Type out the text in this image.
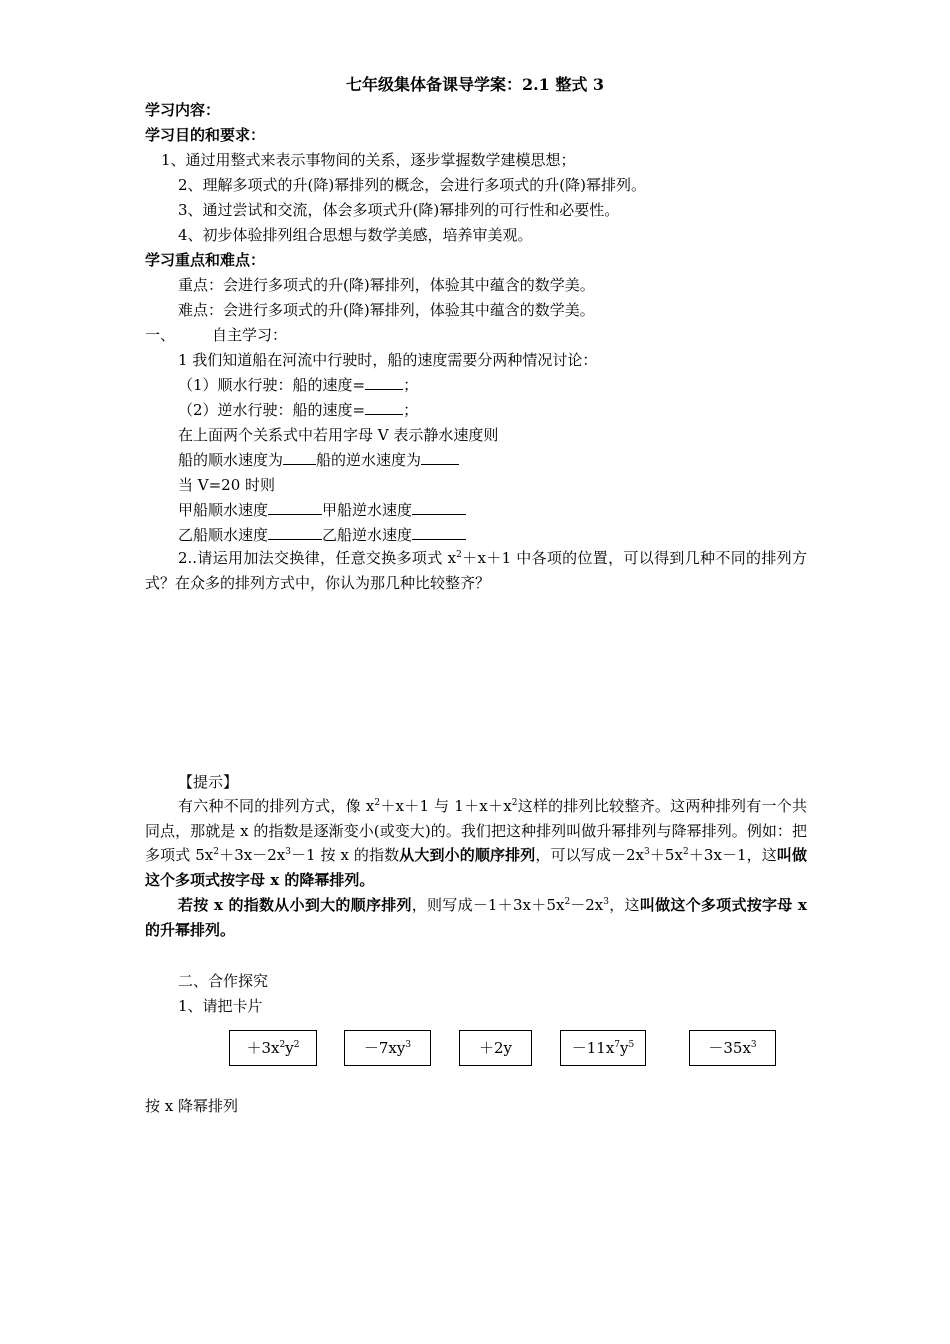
七年级集体备课导学案：2.1 整式 3
学习内容：
学习目的和要求：
1、通过用整式来表示事物间的关系，逐步掌握数学建模思想；
2、理解多项式的升(降)幂排列的概念，会进行多项式的升(降)幂排列。
3、通过尝试和交流，体会多项式升(降)幂排列的可行性和必要性。
4、初步体验排列组合思想与数学美感，培养审美观。
学习重点和难点：
重点：会进行多项式的升(降)幂排列，体验其中蕴含的数学美。
难点：会进行多项式的升(降)幂排列，体验其中蕴含的数学美。
一、 自主学习：
1 我们知道船在河流中行驶时，船的速度需要分两种情况讨论：
（1）顺水行驶：船的速度=	；
（2）逆水行驶：船的速度=	；
在上面两个关系式中若用字母 V 表示静水速度则
船的顺水速度为 船的逆水速度为
当 V=20 时则
甲船顺水速度	甲船逆水速度
乙船顺水速度	乙船逆水速度
2..请运用加法交换律，任意交换多项式 $x^2+x+1$ 中各项的位置，可以得到几种不同的排列方式？在众多的排列方式中，你认为那几种比较整齐？
【提示】
有六种不同的排列方式，像 $x^2+x+1$ 与 $1+x+x^2$这样的排列比较整齐。这两种排列有一个共同点，那就是 x 的指数是逐渐变小(或变大)的。我们把这种排列叫做升幂排列与降幂排列。例如：把多项式 $5x^2+3x-2x^3-1$ 按 x 的指数从大到小的顺序排列，可以写成$-2x^3+5x^2+3x-1$，这叫做这个多项式按字母 x 的降幂排列。
若按 x 的指数从小到大的顺序排列，则写成$-1+3x+5x^2-2x^3$，这叫做这个多项式按字母 x 的升幂排列。
二、合作探究
1、请把卡片
$+3x^2y^2$	$-7xy^3$	＋2y	$-11x^7y^5$	$-35x^3$
按 x 降幂排列
